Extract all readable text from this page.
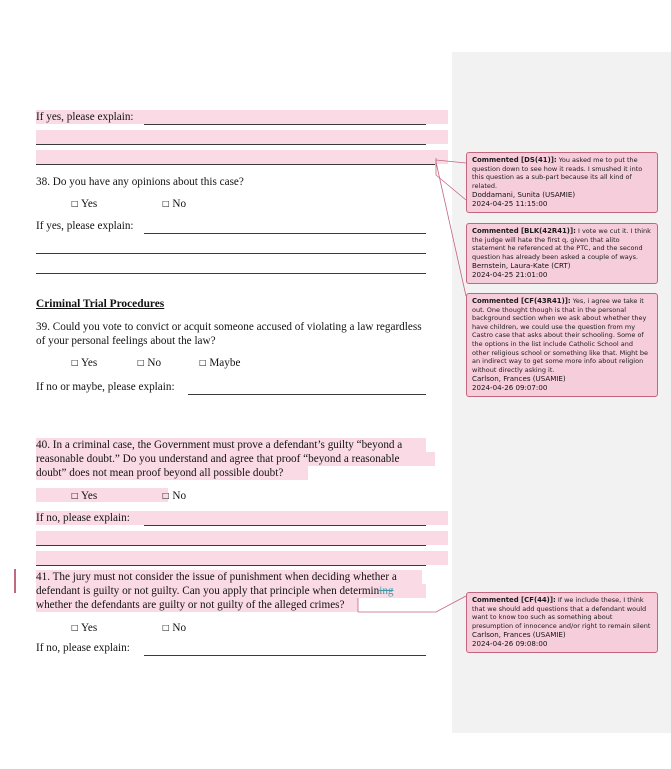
If yes, please explain:
38. Do you have any opinions about this case?
□ Yes	□ No
If yes, please explain:
Criminal Trial Procedures
39. Could you vote to convict or acquit someone accused of violating a law regardless
of your personal feelings about the law?
□ Yes	□ No	□ Maybe
If no or maybe, please explain:
40. In a criminal case, the Government must prove a defendant’s guilty “beyond a
reasonable doubt.” Do you understand and agree that proof “beyond a reasonable
doubt” does not mean proof beyond all possible doubt?
□ Yes	□ No
If no, please explain:
41. The jury must not consider the issue of punishment when deciding whether a
defendant is guilty or not guilty. Can you apply that principle when determining
whether the defendants are guilty or not guilty of the alleged crimes?
□ Yes	□ No
If no, please explain:
Commented [DS(41)]: You asked me to put the question down to see how it reads. I smushed it into this question as a sub-part because its all kind of related.
Doddamani, Sunita (USAMIE)
2024-04-25 11:15:00
Commented [BLK(42R41)]: I vote we cut it. I think the judge will hate the first q, given that alito statement he referenced at the PTC, and the second question has already been asked a couple of ways.
Bernstein, Laura-Kate (CRT)
2024-04-25 21:01:00
Commented [CF(43R41)]: Yes, i agree we take it out. One thought though is that in the personal background section when we ask about whether they have children, we could use the question from my Castro case that asks about their schooling. Some of the options in the list include Catholic School and other religious school or something like that. Might be an indirect way to get some more info about religion without directly asking it.
Carlson, Frances (USAMIE)
2024-04-26 09:07:00
Commented [CF(44)]: If we include these, I think that we should add questions that a defendant would want to know too such as something about presumption of innocence and/or right to remain silent
Carlson, Frances (USAMIE)
2024-04-26 09:08:00
